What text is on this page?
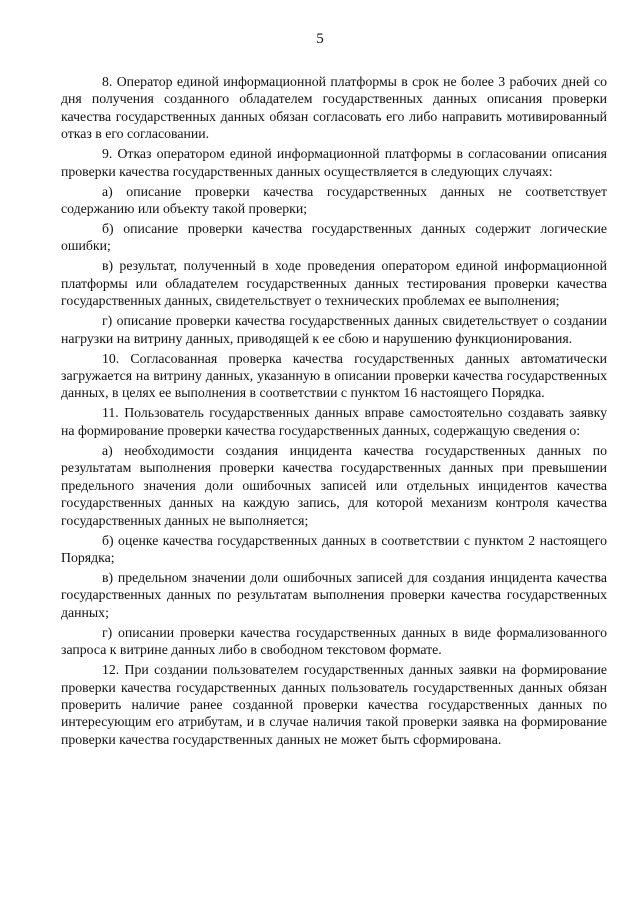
5

8. Оператор единой информационной платформы в срок не более 3 рабочих дней со дня получения созданного обладателем государственных данных описания проверки качества государственных данных обязан согласовать его либо направить мотивированный отказ в его согласовании.

9. Отказ оператором единой информационной платформы в согласовании описания проверки качества государственных данных осуществляется в следующих случаях:

а) описание проверки качества государственных данных не соответствует содержанию или объекту такой проверки;

б) описание проверки качества государственных данных содержит логические ошибки;

в) результат, полученный в ходе проведения оператором единой информационной платформы или обладателем государственных данных тестирования проверки качества государственных данных, свидетельствует о технических проблемах ее выполнения;

г) описание проверки качества государственных данных свидетельствует о создании нагрузки на витрину данных, приводящей к ее сбою и нарушению функционирования.

10. Согласованная проверка качества государственных данных автоматически загружается на витрину данных, указанную в описании проверки качества государственных данных, в целях ее выполнения в соответствии с пунктом 16 настоящего Порядка.

11. Пользователь государственных данных вправе самостоятельно создавать заявку на формирование проверки качества государственных данных, содержащую сведения о:

а) необходимости создания инцидента качества государственных данных по результатам выполнения проверки качества государственных данных при превышении предельного значения доли ошибочных записей или отдельных инцидентов качества государственных данных на каждую запись, для которой механизм контроля качества государственных данных не выполняется;

б) оценке качества государственных данных в соответствии с пунктом 2 настоящего Порядка;

в) предельном значении доли ошибочных записей для создания инцидента качества государственных данных по результатам выполнения проверки качества государственных данных;

г) описании проверки качества государственных данных в виде формализованного запроса к витрине данных либо в свободном текстовом формате.

12. При создании пользователем государственных данных заявки на формирование проверки качества государственных данных пользователь государственных данных обязан проверить наличие ранее созданной проверки качества государственных данных по интересующим его атрибутам, и в случае наличия такой проверки заявка на формирование проверки качества государственных данных не может быть сформирована.
